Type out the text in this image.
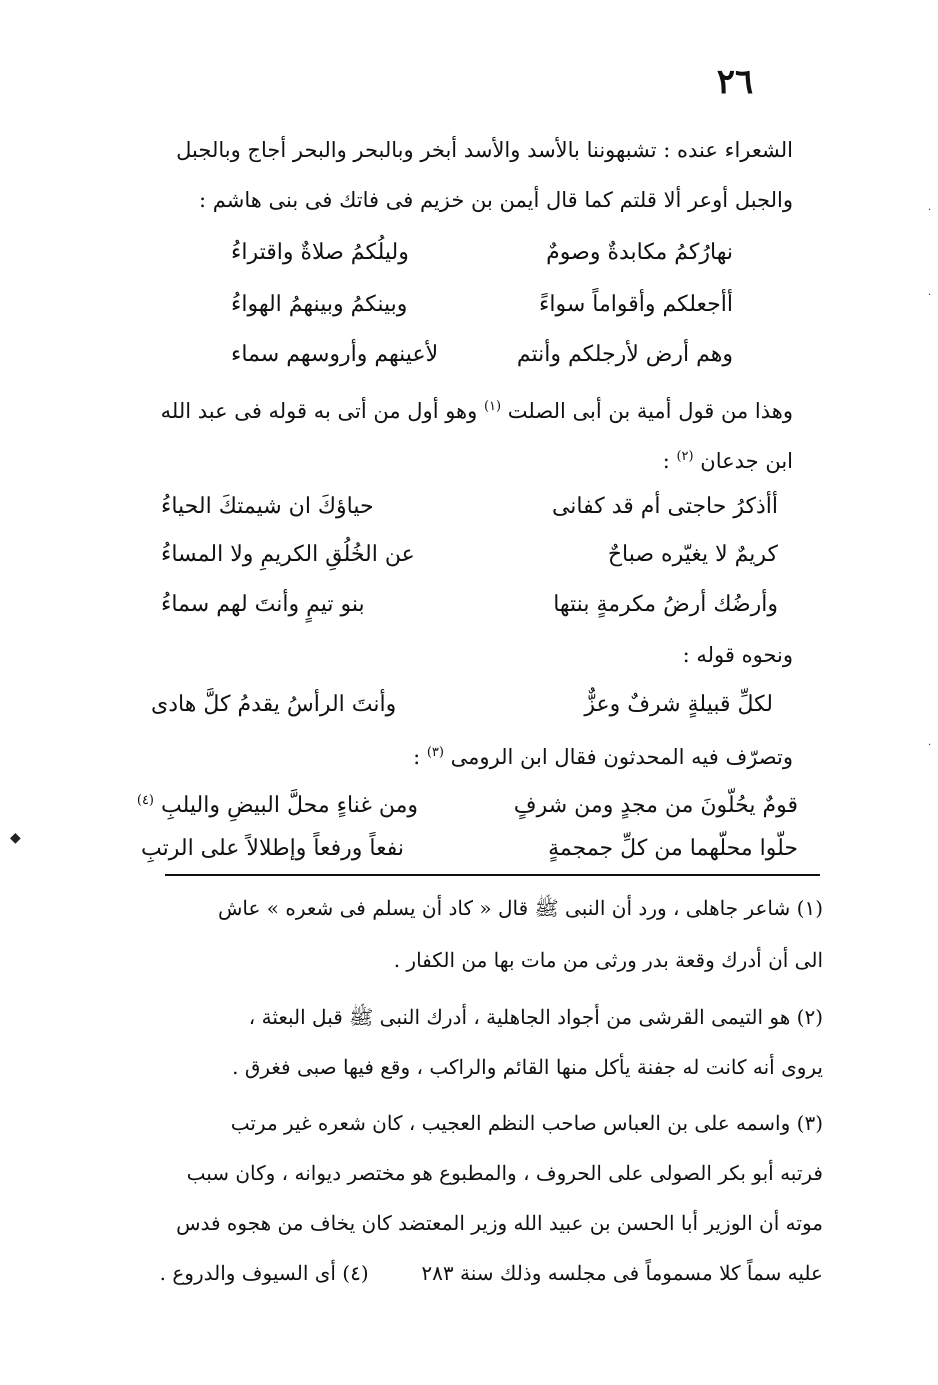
٢٦
الشعراء عنده : تشبهوننا بالأسد والأسد أبخر وبالبحر والبحر أجاج وبالجبل
والجبل أوعر ألا قلتم كما قال أيمن بن خزيم فى فاتك فى بنى هاشم :
نهارُكمُ مكابدةٌ وصومٌ وليلُكمُ صلاةٌ واقتراءُ
أأجعلكم وأقواماً سواءً وبينكمُ وبينهمُ الهواءُ
وهم أرض لأرجلكم وأنتم لأعينهم وأروسهم سماء
وهذا من قول أمية بن أبى الصلت $^{(١)}$ وهو أول من أتى به قوله فى عبد الله
ابن جدعان $^{(٢)}$ :
أأذكرُ حاجتى أم قد كفانى حياؤكَ ان شيمتكَ الحياءُ
كريمٌ لا يغيّره صباحٌ عن الخُلُقِ الكريمِ ولا المساءُ
وأرضُك أرضُ مكرمةٍ بنتها بنو تيمٍ وأنتَ لهم سماءُ
ونحوه قوله :
لكلِّ قبيلةٍ شرفٌ وعزٌّ وأنتَ الرأسُ يقدمُ كلَّ هادى
وتصرّف فيه المحدثون فقال ابن الرومى $^{(٣)}$ :
قومٌ يحُلّونَ من مجدٍ ومن شرفٍ ومن غناءٍ محلَّ البيضِ واليلبِ $^{(٤)}$
حلّوا محلّهما من كلِّ جمجمةٍ نفعاً ورفعاً وإطلالاً على الرتبِ
(١) شاعر جاهلى ، ورد أن النبى ﷺ قال « كاد أن يسلم فى شعره » عاش
الى أن أدرك وقعة بدر ورثى من مات بها من الكفار .
(٢) هو التيمى القرشى من أجواد الجاهلية ، أدرك النبى ﷺ قبل البعثة ،
يروى أنه كانت له جفنة يأكل منها القائم والراكب ، وقع فيها صبى فغرق .
(٣) واسمه على بن العباس صاحب النظم العجيب ، كان شعره غير مرتب
فرتبه أبو بكر الصولى على الحروف ، والمطبوع هو مختصر ديوانه ، وكان سبب
موته أن الوزير أبا الحسن بن عبيد الله وزير المعتضد كان يخاف من هجوه فدس
عليه سماً كلا مسموماً فى مجلسه وذلك سنة ٢٨٣  (٤) أى السيوف والدروع .
◆
·
·
·
